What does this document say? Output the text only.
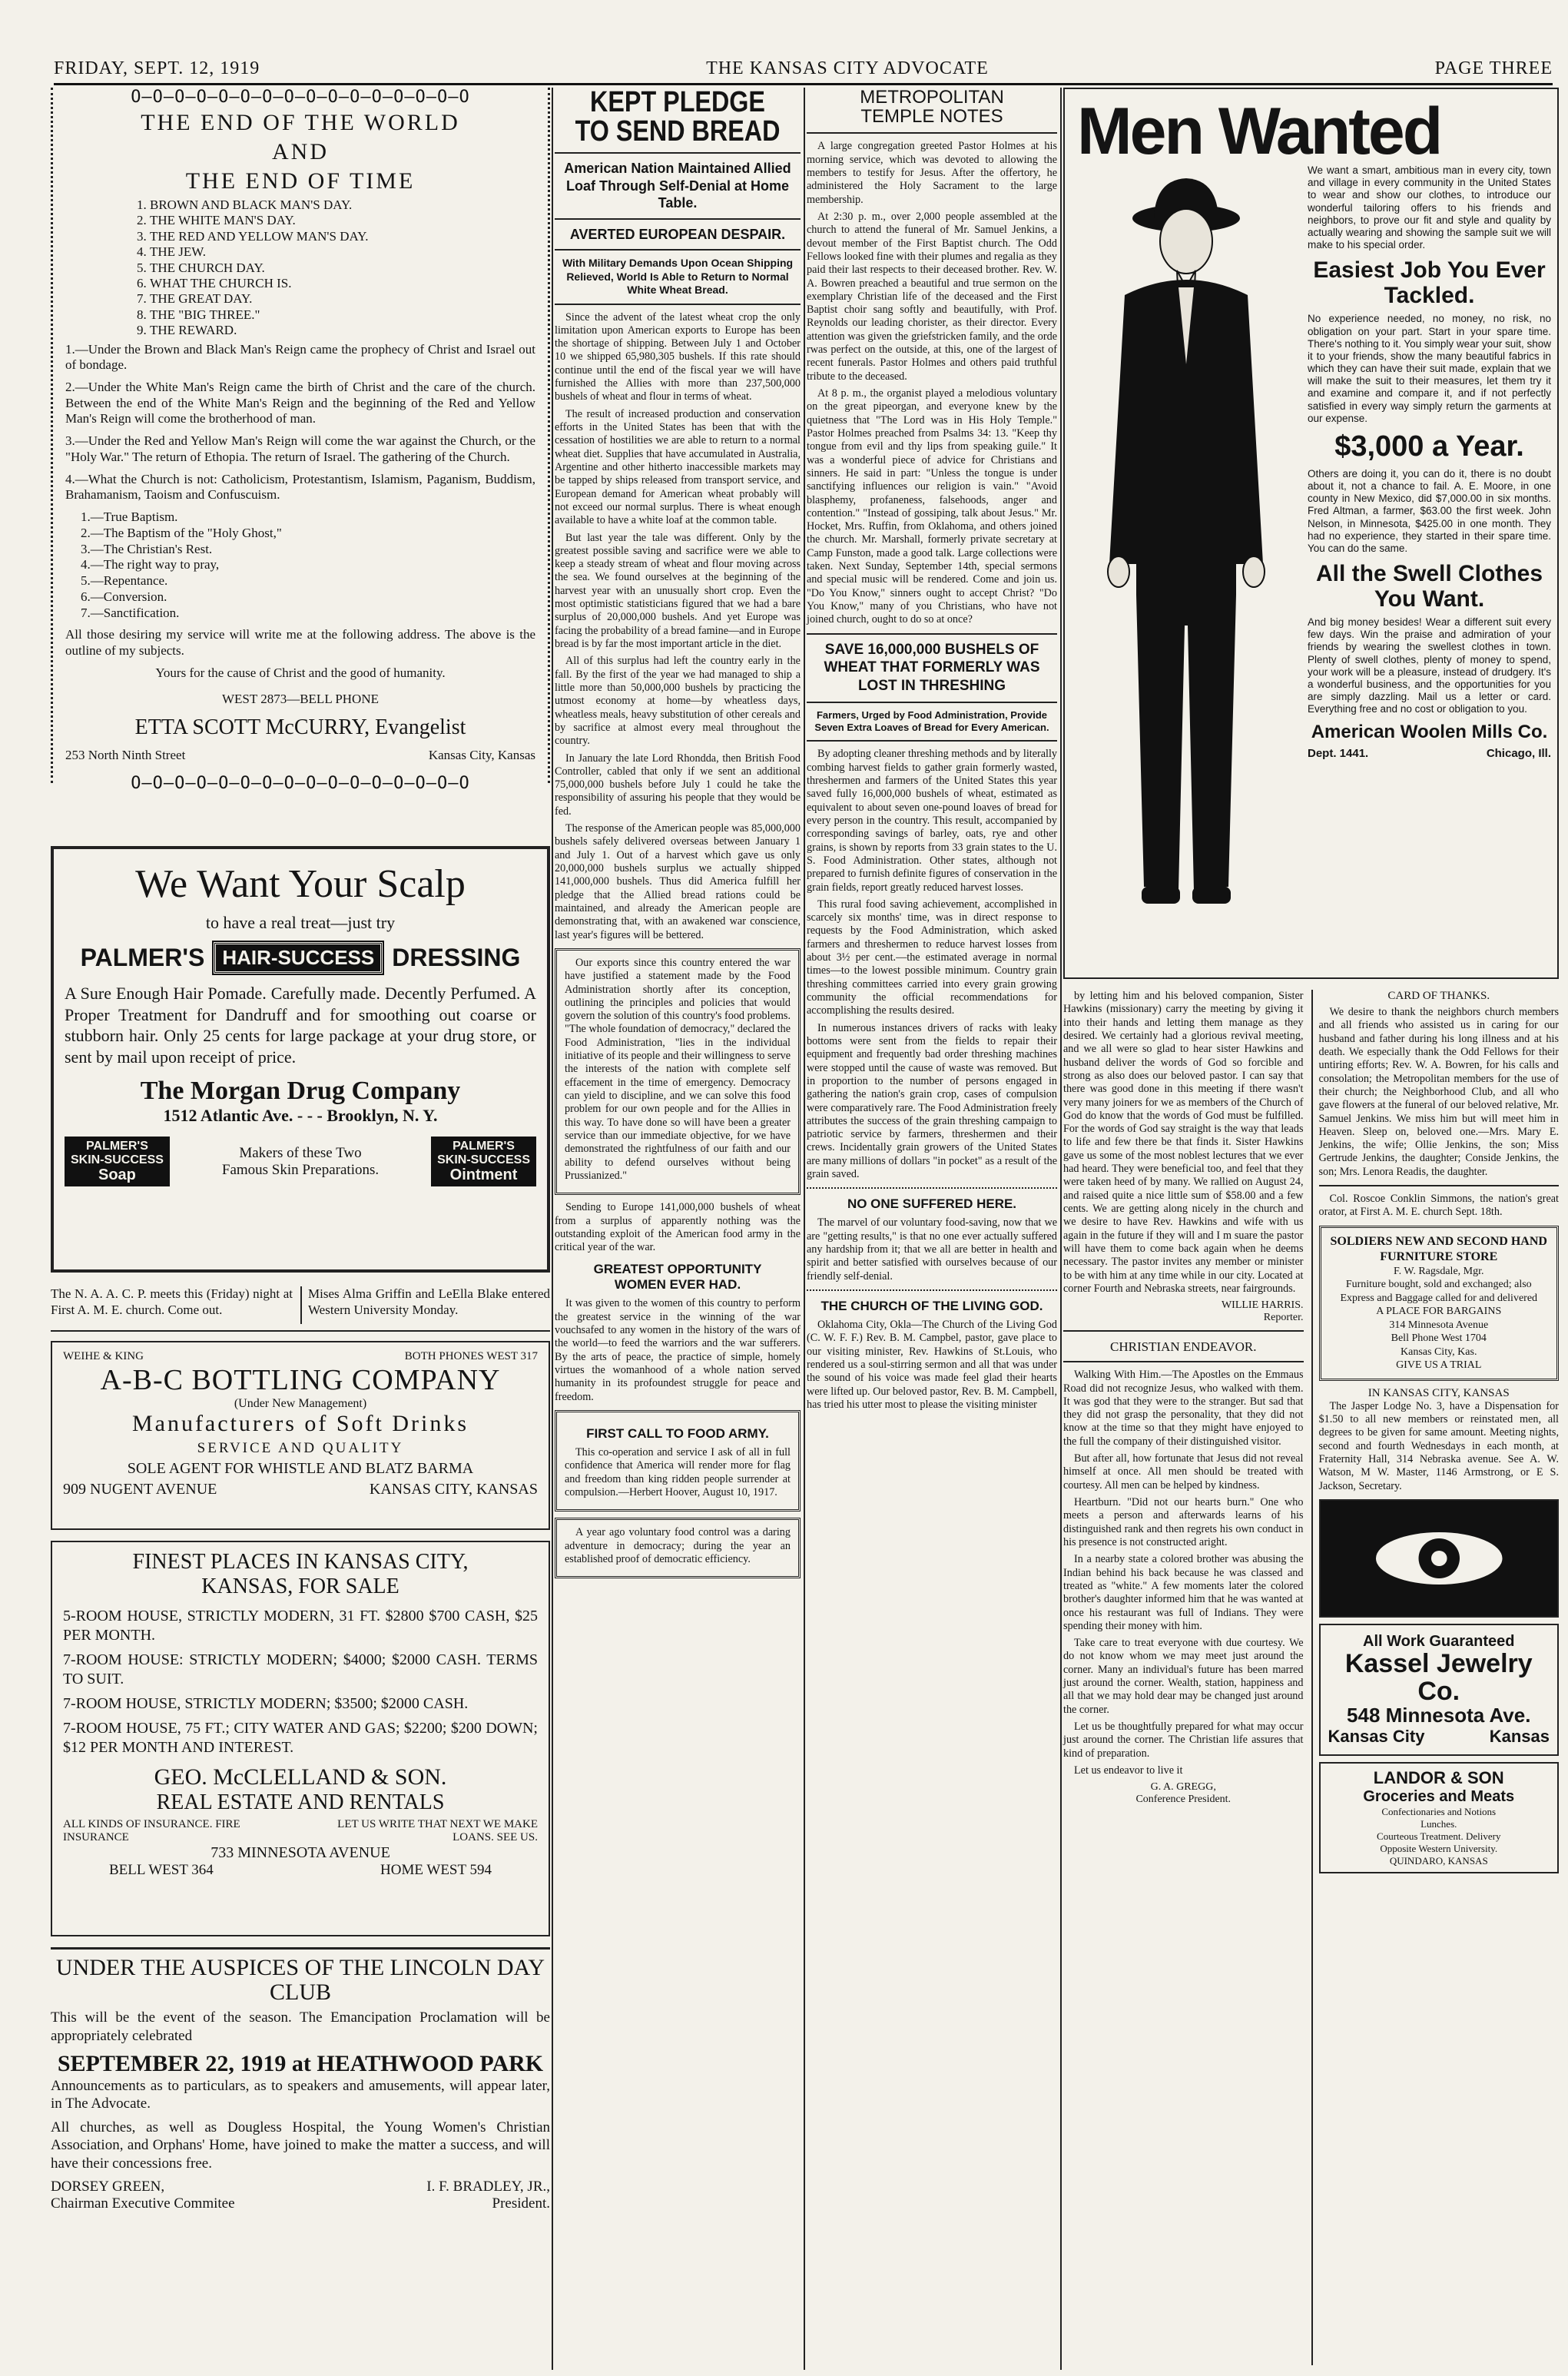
FRIDAY, SEPT. 12, 1919	THE KANSAS CITY ADVOCATE	PAGE THREE
O—O—O—O—O—O—O—O—O—O—O—O—O—O—O—O
THE END OF THE WORLD
AND
THE END OF TIME
1. BROWN AND BLACK MAN'S DAY.
2. THE WHITE MAN'S DAY.
3. THE RED AND YELLOW MAN'S DAY.
4. THE JEW.
5. THE CHURCH DAY.
6. WHAT THE CHURCH IS.
7. THE GREAT DAY.
8. THE "BIG THREE."
9. THE REWARD.

1.—Under the Brown and Black Man's Reign came the prophecy of Christ and Israel out of bondage.

2.—Under the White Man's Reign came the birth of Christ and the care of the church. Between the end of the White Man's Reign and the beginning of the Red and Yellow Man's Reign will come the brotherhood of man.

3.—Under the Red and Yellow Man's Reign will come the war against the Church, or the "Holy War." The return of Ethopia. The return of Israel. The gathering of the Church.

4.—What the Church is not: Catholicism, Protestantism, Islamism, Paganism, Buddism, Brahamanism, Taoism and Confuscuism.

1.—True Baptism.
2.—The Baptism of the "Holy Ghost,"
3.—The Christian's Rest.
4.—The right way to pray,
5.—Repentance.
6.—Conversion.
7.—Sanctification.

All those desiring my service will write me at the following address. The above is the outline of my subjects.

Yours for the cause of Christ and the good of humanity.

WEST 2873—BELL PHONE

ETTA SCOTT McCURRY, Evangelist
253 North Ninth Street	Kansas City, Kansas
O—O—O—O—O—O—O—O—O—O—O—O—O—O—O—O
We Want Your Scalp
to have a real treat—just try
PALMER'S HAIR-SUCCESS DRESSING

A Sure Enough Hair Pomade. Carefully made. Decently Perfumed. A Proper Treatment for Dandruff and for smoothing out coarse or stubborn hair. Only 25 cents for large package at your drug store, or sent by mail upon receipt of price.

The Morgan Drug Company
1512 Atlantic Ave. - - - Brooklyn, N. Y.
PALMER'S
SKIN-SUCCESS
Soap
Makers of these Two
Famous Skin Preparations.
PALMER'S
SKIN-SUCCESS
Ointment

The N. A. A. C. P. meets this (Friday) night at First A. M. E. church. Come out.

Mises Alma Griffin and LeElla Blake entered Western University Monday.

WEIHE & KING	BOTH PHONES WEST 317
A-B-C BOTTLING COMPANY
(Under New Management)
Manufacturers of Soft Drinks
SERVICE AND QUALITY
SOLE AGENT FOR WHISTLE AND BLATZ BARMA
909 NUGENT AVENUE	KANSAS CITY, KANSAS
FINEST PLACES IN KANSAS CITY,
KANSAS, FOR SALE

5-ROOM HOUSE, STRICTLY MODERN, 31 FT. $2800 $700 CASH, $25 PER MONTH.

7-ROOM HOUSE: STRICTLY MODERN; $4000; $2000 CASH. TERMS TO SUIT.

7-ROOM HOUSE, STRICTLY MODERN; $3500; $2000 CASH.

7-ROOM HOUSE, 75 FT.; CITY WATER AND GAS; $2200; $200 DOWN; $12 PER MONTH AND INTEREST.

GEO. McCLELLAND & SON.
REAL ESTATE AND RENTALS
ALL KINDS OF INSURANCE. FIRE INSURANCE
LET US WRITE THAT NEXT WE MAKE LOANS. SEE US.
733 MINNESOTA AVENUE
BELL WEST 364	HOME WEST 594
UNDER THE AUSPICES OF THE LINCOLN DAY CLUB

This will be the event of the season. The Emancipation Proclamation will be appropriately celebrated

SEPTEMBER 22, 1919 at HEATHWOOD PARK

Announcements as to particulars, as to speakers and amusements, will appear later, in The Advocate.

All churches, as well as Dougless Hospital, the Young Women's Christian Association, and Orphans' Home, have joined to make the matter a success, and will have their concessions free.

DORSEY GREEN,	I. F. BRADLEY, JR.,
Chairman Executive Commitee	President.
KEPT PLEDGE TO SEND BREAD
American Nation Maintained Allied Loaf Through Self-Denial at Home Table.
AVERTED EUROPEAN DESPAIR.
With Military Demands Upon Ocean Shipping Relieved, World Is Able to Return to Normal White Wheat Bread.

Since the advent of the latest wheat crop the only limitation upon American exports to Europe has been the shortage of shipping. Between July 1 and October 10 we shipped 65,980,305 bushels. If this rate should continue until the end of the fiscal year we will have furnished the Allies with more than 237,500,000 bushels of wheat and flour in terms of wheat.

The result of increased production and conservation efforts in the United States has been that with the cessation of hostilities we are able to return to a normal wheat diet. Supplies that have accumulated in Australia, Argentine and other hitherto inaccessible markets may be tapped by ships released from transport service, and European demand for American wheat probably will not exceed our normal surplus. There is wheat enough available to have a white loaf at the common table.

But last year the tale was different. Only by the greatest possible saving and sacrifice were we able to keep a steady stream of wheat and flour moving across the sea. We found ourselves at the beginning of the harvest year with an unusually short crop. Even the most optimistic statisticians figured that we had a bare surplus of 20,000,000 bushels. And yet Europe was facing the probability of a bread famine—and in Europe bread is by far the most important article in the diet.

All of this surplus had left the country early in the fall. By the first of the year we had managed to ship a little more than 50,000,000 bushels by practicing the utmost economy at home—by wheatless days, wheatless meals, heavy substitution of other cereals and by sacrifice at almost every meal throughout the country.

In January the late Lord Rhondda, then British Food Controller, cabled that only if we sent an additional 75,000,000 bushels before July 1 could he take the responsibility of assuring his people that they would be fed.

The response of the American people was 85,000,000 bushels safely delivered overseas between January 1 and July 1. Out of a harvest which gave us only 20,000,000 bushels surplus we actually shipped 141,000,000 bushels. Thus did America fulfill her pledge that the Allied bread rations could be maintained, and already the American people are demonstrating that, with an awakened war conscience, last year's figures will be bettered.

Our exports since this country entered the war have justified a statement made by the Food Administration shortly after its conception, outlining the principles and policies that would govern the solution of this country's food problems. "The whole foundation of democracy," declared the Food Administration, "lies in the individual initiative of its people and their willingness to serve the interests of the nation with complete self effacement in the time of emergency. Democracy can yield to discipline, and we can solve this food problem for our own people and for the Allies in this way. To have done so will have been a greater service than our immediate objective, for we have demonstrated the rightfulness of our faith and our ability to defend ourselves without being Prussianized."

Sending to Europe 141,000,000 bushels of wheat from a surplus of apparently nothing was the outstanding exploit of the American food army in the critical year of the war.

GREATEST OPPORTUNITY
WOMEN EVER HAD.

It was given to the women of this country to perform the greatest service in the winning of the war vouchsafed to any women in the history of the wars of the world—to feed the warriors and the war sufferers. By the arts of peace, the practice of simple, homely virtues the womanhood of a whole nation served humanity in its profoundest struggle for peace and freedom.

FIRST CALL TO FOOD ARMY.

This co-operation and service I ask of all in full confidence that America will render more for flag and freedom than king ridden people surrender at compulsion.—Herbert Hoover, August 10, 1917.

A year ago voluntary food control was a daring adventure in democracy; during the year an established proof of democratic efficiency.

METROPOLITAN
TEMPLE NOTES

A large congregation greeted Pastor Holmes at his morning service, which was devoted to allowing the members to testify for Jesus. After the offertory, he administered the Holy Sacrament to the large membership.

At 2:30 p. m., over 2,000 people assembled at the church to attend the funeral of Mr. Samuel Jenkins, a devout member of the First Baptist church. The Odd Fellows looked fine with their plumes and regalia as they paid their last respects to their deceased brother. Rev. W. A. Bowren preached a beautiful and true sermon on the exemplary Christian life of the deceased and the First Baptist choir sang softly and beautifully, with Prof. Reynolds our leading chorister, as their director. Every attention was given the griefstricken family, and the orde rwas perfect on the outside, at this, one of the largest of recent funerals. Pastor Holmes and others paid truthful tribute to the deceased.

At 8 p. m., the organist played a melodious voluntary on the great pipeorgan, and everyone knew by the quietness that "The Lord was in His Holy Temple." Pastor Holmes preached from Psalms 34: 13. "Keep thy tongue from evil and thy lips from speaking guile." It was a wonderful piece of advice for Christians and sinners. He said in part: "Unless the tongue is under sanctifying influences our religion is vain." "Avoid blasphemy, profaneness, falsehoods, anger and contention." "Instead of gossiping, talk about Jesus." Mr. Hocket, Mrs. Ruffin, from Oklahoma, and others joined the church. Mr. Marshall, formerly private secretary at Camp Funston, made a good talk. Large collections were taken. Next Sunday, September 14th, special sermons and special music will be rendered. Come and join us. "Do You Know," sinners ought to accept Christ? "Do You Know," many of you Christians, who have not joined church, ought to do so at once?

SAVE 16,000,000 BUSHELS OF WHEAT THAT FORMERLY WAS LOST IN THRESHING
Farmers, Urged by Food Administration, Provide Seven Extra Loaves of Bread for Every American.

By adopting cleaner threshing methods and by literally combing harvest fields to gather grain formerly wasted, threshermen and farmers of the United States this year saved fully 16,000,000 bushels of wheat, estimated as equivalent to about seven one-pound loaves of bread for every person in the country. This result, accompanied by corresponding savings of barley, oats, rye and other grains, is shown by reports from 33 grain states to the U. S. Food Administration. Other states, although not prepared to furnish definite figures of conservation in the grain fields, report greatly reduced harvest losses.

This rural food saving achievement, accomplished in scarcely six months' time, was in direct response to requests by the Food Administration, which asked farmers and threshermen to reduce harvest losses from about 3½ per cent.—the estimated average in normal times—to the lowest possible minimum. Country grain threshing committees carried into every grain growing community the official recommendations for accomplishing the results desired.

In numerous instances drivers of racks with leaky bottoms were sent from the fields to repair their equipment and frequently bad order threshing machines were stopped until the cause of waste was removed. But in proportion to the number of persons engaged in gathering the nation's grain crop, cases of compulsion were comparatively rare. The Food Administration freely attributes the success of the grain threshing campaign to patriotic service by farmers, threshermen and their crews. Incidentally grain growers of the United States are many millions of dollars "in pocket" as a result of the grain saved.

NO ONE SUFFERED HERE.

The marvel of our voluntary food-saving, now that we are "getting results," is that no one ever actually suffered any hardship from it; that we all are better in health and spirit and better satisfied with ourselves because of our friendly self-denial.

THE CHURCH OF THE LIVING GOD.

Oklahoma City, Okla—The Church of the Living God (C. W. F. F.) Rev. B. M. Campbel, pastor, gave place to our visiting minister, Rev. Hawkins of St.Louis, who rendered us a soul-stirring sermon and all that was under the sound of his voice was made feel glad their hearts were lifted up. Our beloved pastor, Rev. B. M. Campbell, has tried his utter most to please the visiting minister

Men Wanted

We want a smart, ambitious man in every city, town and village in every community in the United States to wear and show our clothes, to introduce our wonderful tailoring offers to his friends and neighbors, to prove our fit and style and quality by actually wearing and showing the sample suit we will make to his special order.

Easiest Job You Ever Tackled.

No experience needed, no money, no risk, no obligation on your part. Start in your spare time. There's nothing to it. You simply wear your suit, show it to your friends, show the many beautiful fabrics in which they can have their suit made, explain that we will make the suit to their measures, let them try it and examine and compare it, and if not perfectly satisfied in every way simply return the garments at our expense.

$3,000 a Year.

Others are doing it, you can do it, there is no doubt about it, not a chance to fail. A. E. Moore, in one county in New Mexico, did $7,000.00 in six months. Fred Altman, a farmer, $63.00 the first week. John Nelson, in Minnesota, $425.00 in one month. They had no experience, they started in their spare time. You can do the same.

All the Swell Clothes You Want.

And big money besides! Wear a different suit every few days. Win the praise and admiration of your friends by wearing the swellest clothes in town. Plenty of swell clothes, plenty of money to spend, your work will be a pleasure, instead of drudgery. It's a wonderful business, and the opportunities for you are simply dazzling. Mail us a letter or card. Everything free and no cost or obligation to you.

American Woolen Mills Co.
Dept. 1441.	Chicago, Ill.

by letting him and his beloved companion, Sister Hawkins (missionary) carry the meeting by giving it into their hands and letting them manage as they desired. We certainly had a glorious revival meeting, and we all were so glad to hear sister Hawkins and husband deliver the words of God so forcible and strong as also does our beloved pastor. I can say that there was good done in this meeting if there wasn't very many joiners for we as members of the Church of God do know that the words of God must be fulfilled. For the words of God say straight is the way that leads to life and few there be that finds it. Sister Hawkins gave us some of the most noblest lectures that we ever had heard. They were beneficial too, and feel that they were taken heed of by many. We rallied on August 24, and raised quite a nice little sum of $58.00 and a few cents. We are getting along nicely in the church and we desire to have Rev. Hawkins and wife with us again in the future if they will and I m suare the pastor will have them to come back again when he deems necessary. The pastor invites any member or minister to be with him at any time while in our city. Located at corner Fourth and Nebraska streets, near fairgrounds.

WILLIE HARRIS.
Reporter.
CHRISTIAN ENDEAVOR.

Walking With Him.—The Apostles on the Emmaus Road did not recognize Jesus, who walked with them. It was god that they were to the stranger. But sad that they did not grasp the personality, that they did not know at the time so that they might have enjoyed to the full the company of their distinguished visitor.

But after all, how fortunate that Jesus did not reveal himself at once. All men should be treated with courtesy. All men can be helped by kindness.

Heartburn. "Did not our hearts burn." One who meets a person and afterwards learns of his distinguished rank and then regrets his own conduct in his presence is not constructed aright.

In a nearby state a colored brother was abusing the Indian behind his back because he was classed and treated as "white." A few moments later the colored brother's daughter informed him that he was wanted at once his restaurant was full of Indians. They were spending their money with him.

Take care to treat everyone with due courtesy. We do not know whom we may meet just around the corner. Many an individual's future has been marred just around the corner. Wealth, station, happiness and all that we may hold dear may be changed just around the corner.

Let us be thoughtfully prepared for what may occur just around the corner. The Christian life assures that kind of preparation.

Let us endeavor to live it

G. A. GREGG,
Conference President.
CARD OF THANKS.

We desire to thank the neighbors church members and all friends who assisted us in caring for our husband and father during his long illness and at his death. We especially thank the Odd Fellows for their untiring efforts; Rev. W. A. Bowren, for his calls and consolation; the Metropolitan members for the use of their church; the Neighborhood Club, and all who gave flowers at the funeral of our beloved relative, Mr. Samuel Jenkins. We miss him but will meet him in Heaven. Sleep on, beloved one.—Mrs. Mary E. Jenkins, the wife; Ollie Jenkins, the son; Miss Gertrude Jenkins, the daughter; Conside Jenkins, the son; Mrs. Lenora Readis, the daughter.

Col. Roscoe Conklin Simmons, the nation's great orator, at First A. M. E. church Sept. 18th.

SOLDIERS NEW AND SECOND HAND FURNITURE STORE
F. W. Ragsdale, Mgr.
Furniture bought, sold and exchanged; also Express and Baggage called for and delivered
A PLACE FOR BARGAINS
314 Minnesota Avenue
Bell Phone West 1704
Kansas City, Kas.
GIVE US A TRIAL
IN KANSAS CITY, KANSAS

The Jasper Lodge No. 3, have a Dispensation for $1.50 to all new members or reinstated men, all degrees to be given for same amount. Meeting nights, second and fourth Wednesdays in each month, at Fraternity Hall, 314 Nebraska avenue. See A. W. Watson, M W. Master, 1146 Armstrong, or E S. Jackson, Secretary.

All Work Guaranteed
Kassel Jewelry Co.
548 Minnesota Ave.
Kansas City	Kansas
LANDOR & SON
Groceries and Meats
Confectionaries and Notions
Lunches.
Courteous Treatment. Delivery
Opposite Western University.
QUINDARO, KANSAS
